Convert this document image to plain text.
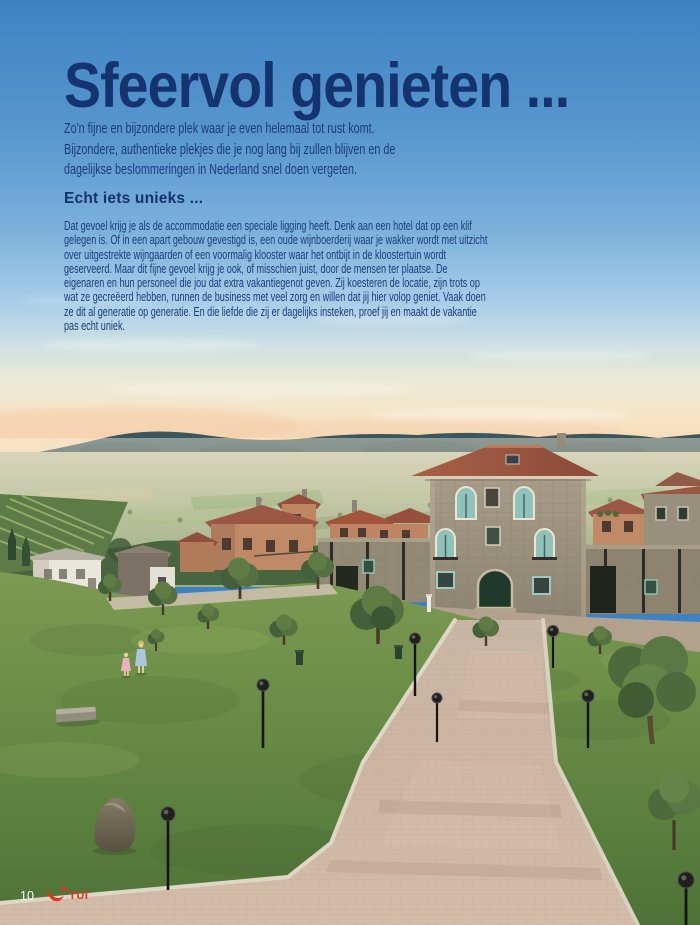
Sfeervol genieten ...
Zo'n fijne en bijzondere plek waar je even helemaal tot rust komt.
Bijzondere, authentieke plekjes die je nog lang bij zullen blijven en de
dagelijkse beslommeringen in Nederland snel doen vergeten.
Echt iets unieks ...

Dat gevoel krijg je als de accommodatie een speciale ligging heeft. Denk aan een hotel dat op een klif gelegen is. Of in een apart gebouw gevestigd is, een oude wijnboerderij waar je wakker wordt met uitzicht over uitgestrekte wijngaarden of een voormalig klooster waar het ontbijt in de kloostertuin wordt geserveerd. Maar dit fijne gevoel krijg je ook, of misschien juist, door de mensen ter plaatse. De eigenaren en hun personeel die jou dat extra vakantiegenot geven. Zij koesteren de locatie, zijn trots op wat ze gecreëerd hebben, runnen de business met veel zorg en willen dat jij hier volop geniet. Vaak doen ze dit al generatie op generatie. En die liefde die zij er dagelijks insteken, proef jij en maakt de vakantie pas echt uniek.

10	TUI
